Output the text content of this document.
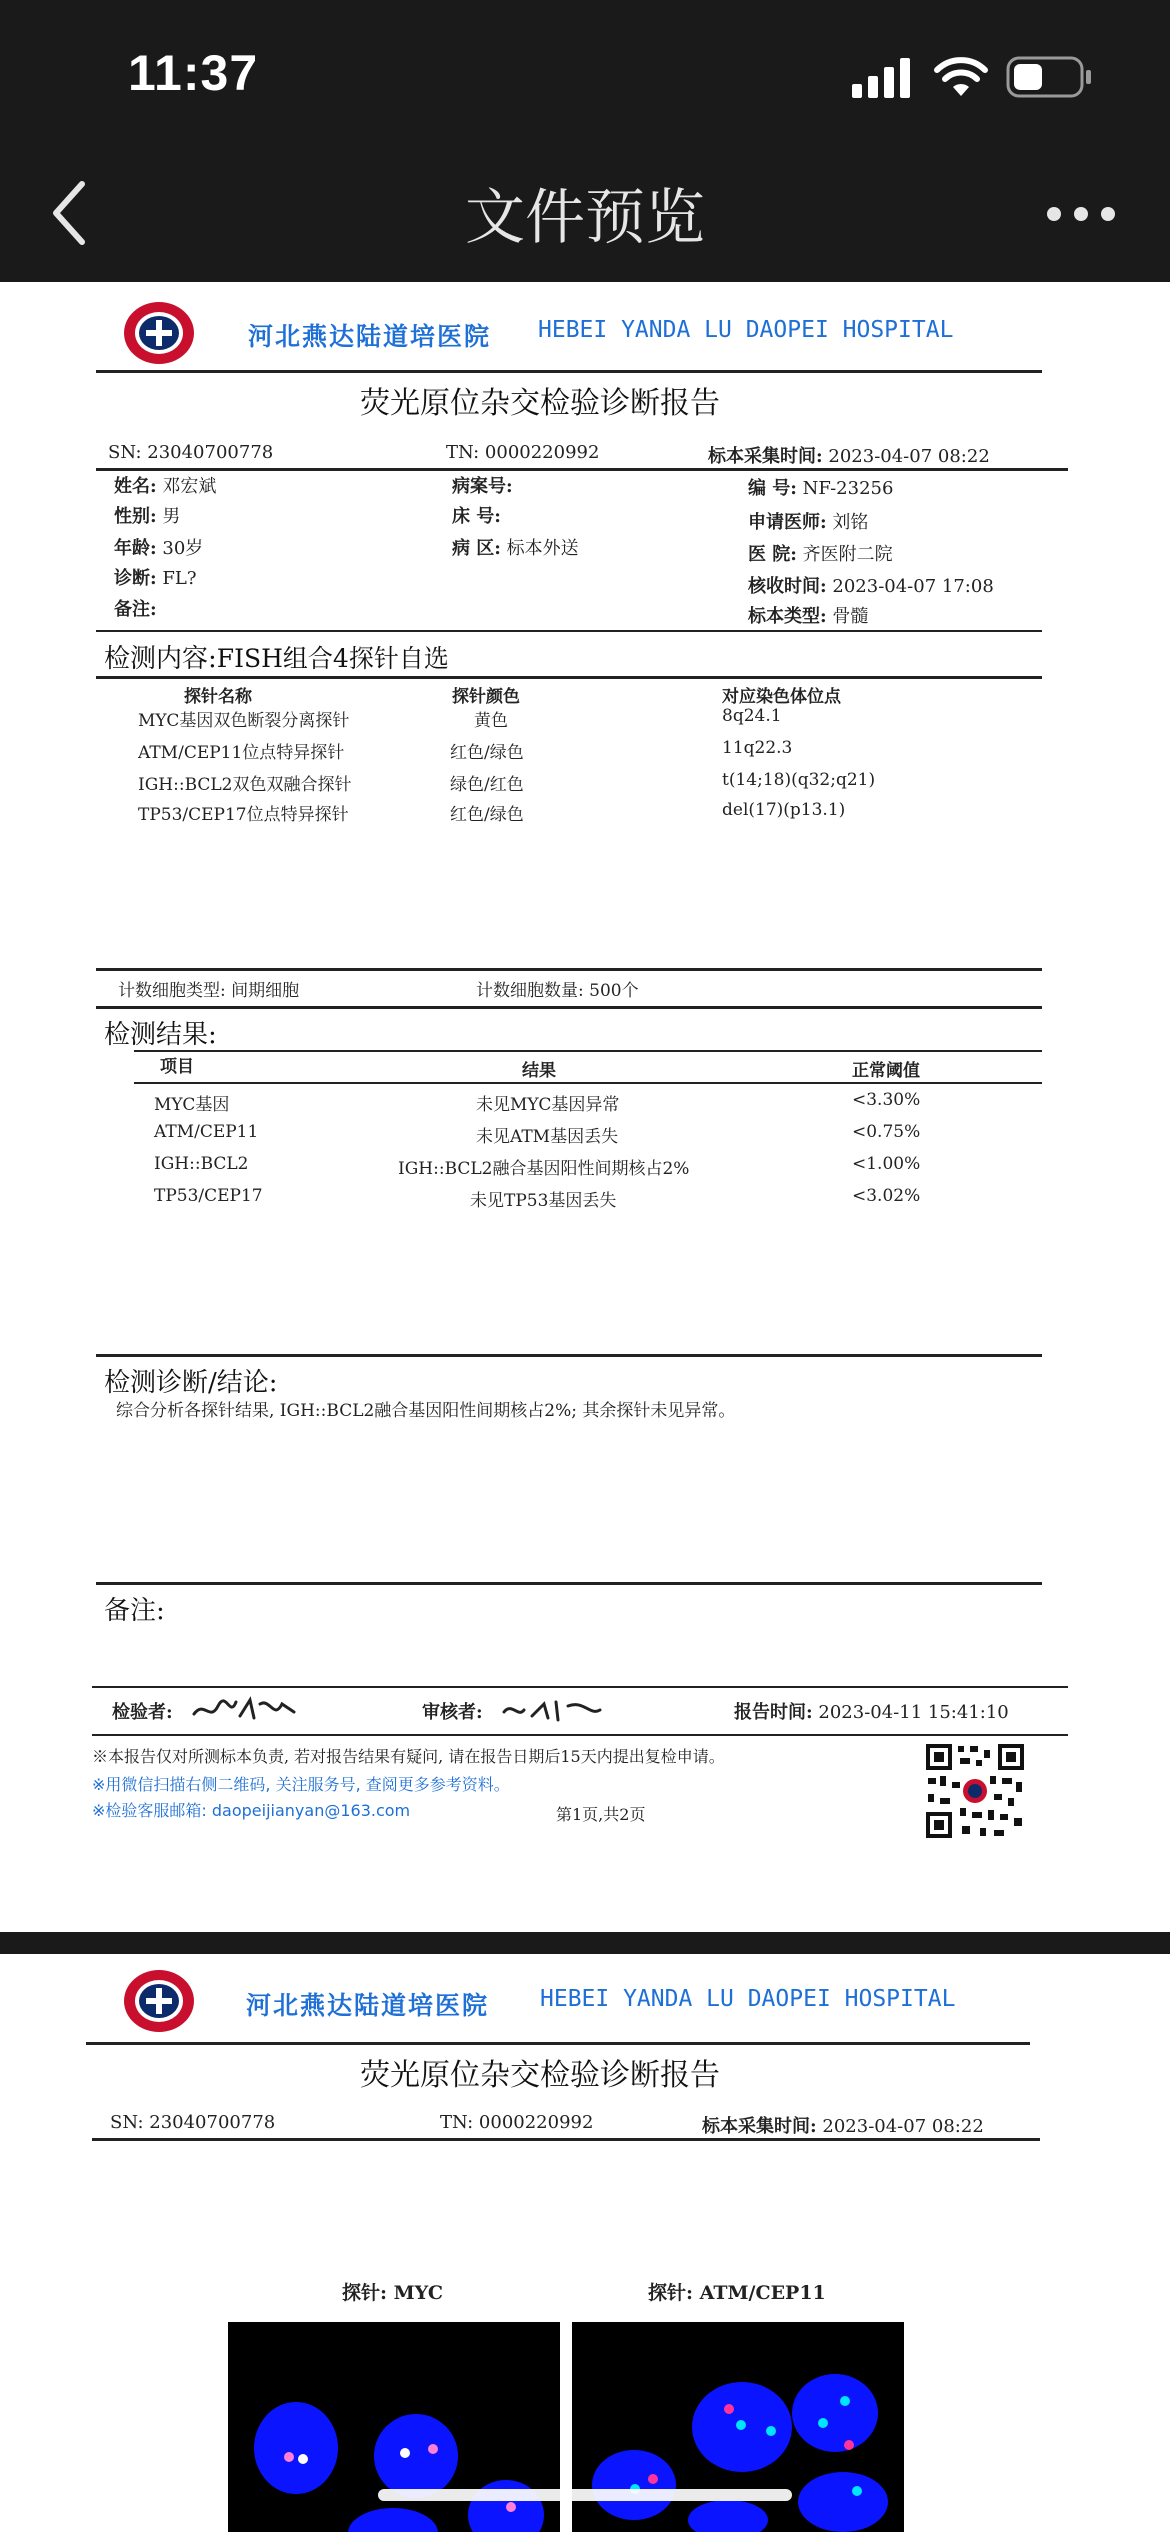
11:37
文件预览
河北燕达陆道培医院 HEBEI YANDA LU DAOPEI HOSPITAL
荧光原位杂交检验诊断报告
SN: 23040700778	TN: 0000220992	标本采集时间: 2023-04-07 08:22
姓名: 邓宏斌
性别: 男
年龄: 30岁
诊断: FL?
备注:
病案号:
床 号:
病 区: 标本外送
编 号: NF-23256
申请医师: 刘铭
医 院: 齐医附二院
核收时间: 2023-04-07 17:08
标本类型: 骨髓
检测内容:FISH组合4探针自选
探针名称	探针颜色	对应染色体位点
MYC基因双色断裂分离探针	黄色	8q24.1
ATM/CEP11位点特异探针	红色/绿色	11q22.3
IGH::BCL2双色双融合探针	绿色/红色	t(14;18)(q32;q21)
TP53/CEP17位点特异探针	红色/绿色	del(17)(p13.1)
计数细胞类型: 间期细胞	计数细胞数量: 500个
检测结果:
项目	结果	正常阈值
MYC基因	未见MYC基因异常	<3.30%
ATM/CEP11	未见ATM基因丢失	<0.75%
IGH::BCL2	IGH::BCL2融合基因阳性间期核占2%	<1.00%
TP53/CEP17	未见TP53基因丢失	<3.02%
检测诊断/结论:
综合分析各探针结果, IGH::BCL2融合基因阳性间期核占2%; 其余探针未见异常。
备注:
检验者:	审核者:	报告时间: 2023-04-11 15:41:10
※本报告仅对所测标本负责, 若对报告结果有疑问, 请在报告日期后15天内提出复检申请。
※用微信扫描右侧二维码, 关注服务号, 查阅更多参考资料。
※检验客服邮箱: daopeijianyan@163.com	第1页,共2页
河北燕达陆道培医院 HEBEI YANDA LU DAOPEI HOSPITAL
荧光原位杂交检验诊断报告
SN: 23040700778	TN: 0000220992	标本采集时间: 2023-04-07 08:22
探针: MYC	探针: ATM/CEP11
